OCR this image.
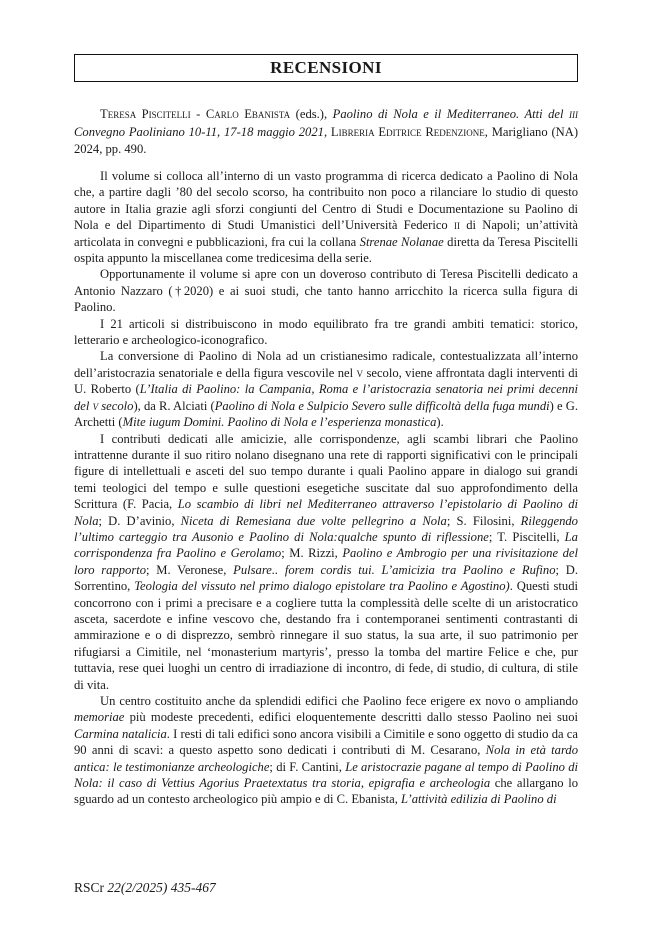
RECENSIONI
Teresa Piscitelli - Carlo Ebanista (eds.), Paolino di Nola e il Mediterraneo. Atti del iii Convegno Paoliniano 10-11, 17-18 maggio 2021, Libreria Editrice Redenzione, Marigliano (NA) 2024, pp. 490.

Il volume si colloca all’interno di un vasto programma di ricerca dedicato a Paolino di Nola che, a partire dagli ’80 del secolo scorso, ha contribuito non poco a rilanciare lo studio di questo autore in Italia grazie agli sforzi congiunti del Centro di Studi e Documentazione su Paolino di Nola e del Dipartimento di Studi Umanistici dell’Università Federico ii di Napoli; un’attività articolata in convegni e pubblicazioni, fra cui la collana Strenae Nolanae diretta da Teresa Piscitelli ospita appunto la miscellanea come tredicesima della serie.

Opportunamente il volume si apre con un doveroso contributo di Teresa Piscitelli dedicato a Antonio Nazzaro (†2020) e ai suoi studi, che tanto hanno arricchito la ricerca sulla figura di Paolino.

I 21 articoli si distribuiscono in modo equilibrato fra tre grandi ambiti tematici: storico, letterario e archeologico-iconografico.

La conversione di Paolino di Nola ad un cristianesimo radicale, contestualizzata all’interno dell’aristocrazia senatoriale e della figura vescovile nel v secolo, viene affrontata dagli interventi di U. Roberto (L’Italia di Paolino: la Campania, Roma e l’aristocrazia senatoria nei primi decenni del v secolo), da R. Alciati (Paolino di Nola e Sulpicio Severo sulle difficoltà della fuga mundi) e G. Archetti (Mite iugum Domini. Paolino di Nola e l’esperienza monastica).

I contributi dedicati alle amicizie, alle corrispondenze, agli scambi librari che Paolino intrattenne durante il suo ritiro nolano disegnano una rete di rapporti significativi con le principali figure di intellettuali e asceti del suo tempo durante i quali Paolino appare in dialogo sui grandi temi teologici del tempo e sulle questioni esegetiche suscitate dal suo approfondimento della Scrittura (F. Pacia, Lo scambio di libri nel Mediterraneo attraverso l’epistolario di Paolino di Nola; D. D’avinio, Niceta di Remesiana due volte pellegrino a Nola; S. Filosini, Rileggendo l’ultimo carteggio tra Ausonio e Paolino di Nola:qualche spunto di riflessione; T. Piscitelli, La corrispondenza fra Paolino e Gerolamo; M. Rizzi, Paolino e Ambrogio per una rivisitazione del loro rapporto; M. Veronese, Pulsare.. forem cordis tui. L’amicizia tra Paolino e Rufino; D. Sorrentino, Teologia del vissuto nel primo dialogo epistolare tra Paolino e Agostino). Questi studi concorrono con i primi a precisare e a cogliere tutta la complessità delle scelte di un aristocratico asceta, sacerdote e infine vescovo che, destando fra i contemporanei sentimenti contrastanti di ammirazione e o di disprezzo, sembrò rinnegare il suo status, la sua arte, il suo patrimonio per rifugiarsi a Cimitile, nel ‘monasterium martyris’, presso la tomba del martire Felice e che, pur tuttavia, rese quei luoghi un centro di irradiazione di incontro, di fede, di studio, di cultura, di stile di vita.

Un centro costituito anche da splendidi edifici che Paolino fece erigere ex novo o ampliando memoriae più modeste precedenti, edifici eloquentemente descritti dallo stesso Paolino nei suoi Carmina natalicia. I resti di tali edifici sono ancora visibili a Cimitile e sono oggetto di studio da ca 90 anni di scavi: a questo aspetto sono dedicati i contributi di M. Cesarano, Nola in età tardo antica: le testimonianze archeologiche; di F. Cantini, Le aristocrazie pagane al tempo di Paolino di Nola: il caso di Vettius Agorius Praetextatus tra storia, epigrafia e archeologia che allargano lo sguardo ad un contesto archeologico più ampio e di C. Ebanista, L’attività edilizia di Paolino di

RSCr 22(2/2025) 435-467
